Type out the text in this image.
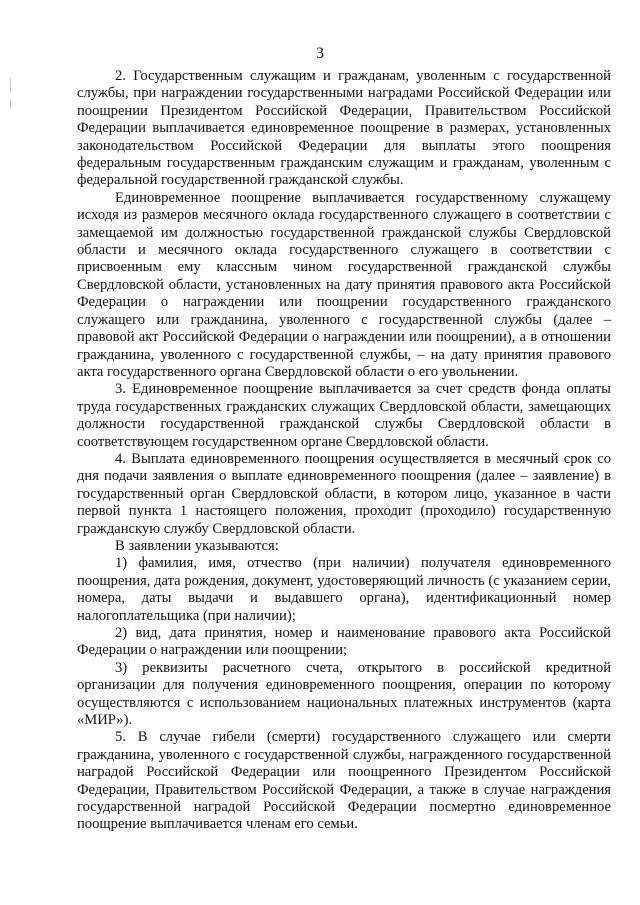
3

2. Государственным служащим и гражданам, уволенным с государственной службы, при награждении государственными наградами Российской Федерации или поощрении Президентом Российской Федерации, Правительством Российской Федерации выплачивается единовременное поощрение в размерах, установленных законодательством Российской Федерации для выплаты этого поощрения федеральным государственным гражданским служащим и гражданам, уволенным с федеральной государственной гражданской службы.

Единовременное поощрение выплачивается государственному служащему исходя из размеров месячного оклада государственного служащего в соответствии с замещаемой им должностью государственной гражданской службы Свердловской области и месячного оклада государственного служащего в соответствии с присвоенным ему классным чином государственной гражданской службы Свердловской области, установленных на дату принятия правового акта Российской Федерации о награждении или поощрении государственного гражданского служащего или гражданина, уволенного с государственной службы (далее – правовой акт Российской Федерации о награждении или поощрении), а в отношении гражданина, уволенного с государственной службы, – на дату принятия правового акта государственного органа Свердловской области о его увольнении.

3. Единовременное поощрение выплачивается за счет средств фонда оплаты труда государственных гражданских служащих Свердловской области, замещающих должности государственной гражданской службы Свердловской области в соответствующем государственном органе Свердловской области.

4. Выплата единовременного поощрения осуществляется в месячный срок со дня подачи заявления о выплате единовременного поощрения (далее – заявление) в государственный орган Свердловской области, в котором лицо, указанное в части первой пункта 1 настоящего положения, проходит (проходило) государственную гражданскую службу Свердловской области.

В заявлении указываются:

1) фамилия, имя, отчество (при наличии) получателя единовременного поощрения, дата рождения, документ, удостоверяющий личность (с указанием серии, номера, даты выдачи и выдавшего органа), идентификационный номер налогоплательщика (при наличии);

2) вид, дата принятия, номер и наименование правового акта Российской Федерации о награждении или поощрении;

3) реквизиты расчетного счета, открытого в российской кредитной организации для получения единовременного поощрения, операции по которому осуществляются с использованием национальных платежных инструментов (карта «МИР»).

5. В случае гибели (смерти) государственного служащего или смерти гражданина, уволенного с государственной службы, награжденного государственной наградой Российской Федерации или поощренного Президентом Российской Федерации, Правительством Российской Федерации, а также в случае награждения государственной наградой Российской Федерации посмертно единовременное поощрение выплачивается членам его семьи.
